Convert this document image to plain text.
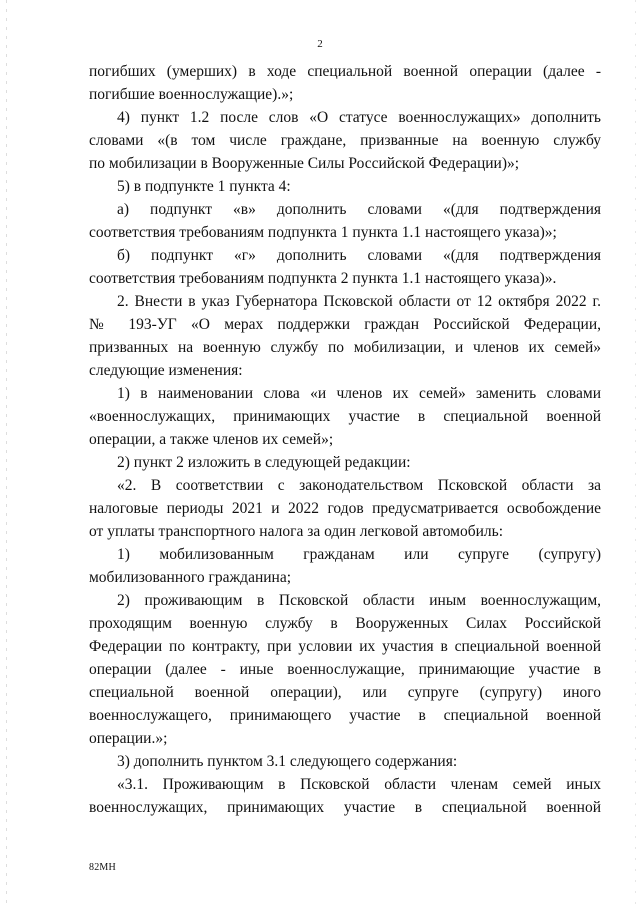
2
погибших (умерших) в ходе специальной военной операции (далее -
погибшие военнослужащие).»;
4) пункт 1.2 после слов «О статусе военнослужащих» дополнить
словами «(в том числе граждане, призванные на военную службу
по мобилизации в Вооруженные Силы Российской Федерации)»;
5) в подпункте 1 пункта 4:
а) подпункт «в» дополнить словами «(для подтверждения
соответствия требованиям подпункта 1 пункта 1.1 настоящего указа)»;
б) подпункт «г» дополнить словами «(для подтверждения
соответствия требованиям подпункта 2 пункта 1.1 настоящего указа)».
2. Внести в указ Губернатора Псковской области от 12 октября 2022 г.
№ 193-УГ «О мерах поддержки граждан Российской Федерации,
призванных на военную службу по мобилизации, и членов их семей»
следующие изменения:
1) в наименовании слова «и членов их семей» заменить словами
«военнослужащих, принимающих участие в специальной военной
операции, а также членов их семей»;
2) пункт 2 изложить в следующей редакции:
«2. В соответствии с законодательством Псковской области за
налоговые периоды 2021 и 2022 годов предусматривается освобождение
от уплаты транспортного налога за один легковой автомобиль:
1) мобилизованным гражданам или супруге (супругу)
мобилизованного гражданина;
2) проживающим в Псковской области иным военнослужащим,
проходящим военную службу в Вооруженных Силах Российской
Федерации по контракту, при условии их участия в специальной военной
операции (далее - иные военнослужащие, принимающие участие в
специальной военной операции), или супруге (супругу) иного
военнослужащего, принимающего участие в специальной военной
операции.»;
3) дополнить пунктом 3.1 следующего содержания:
«3.1. Проживающим в Псковской области членам семей иных
военнослужащих, принимающих участие в специальной военной
82МН
